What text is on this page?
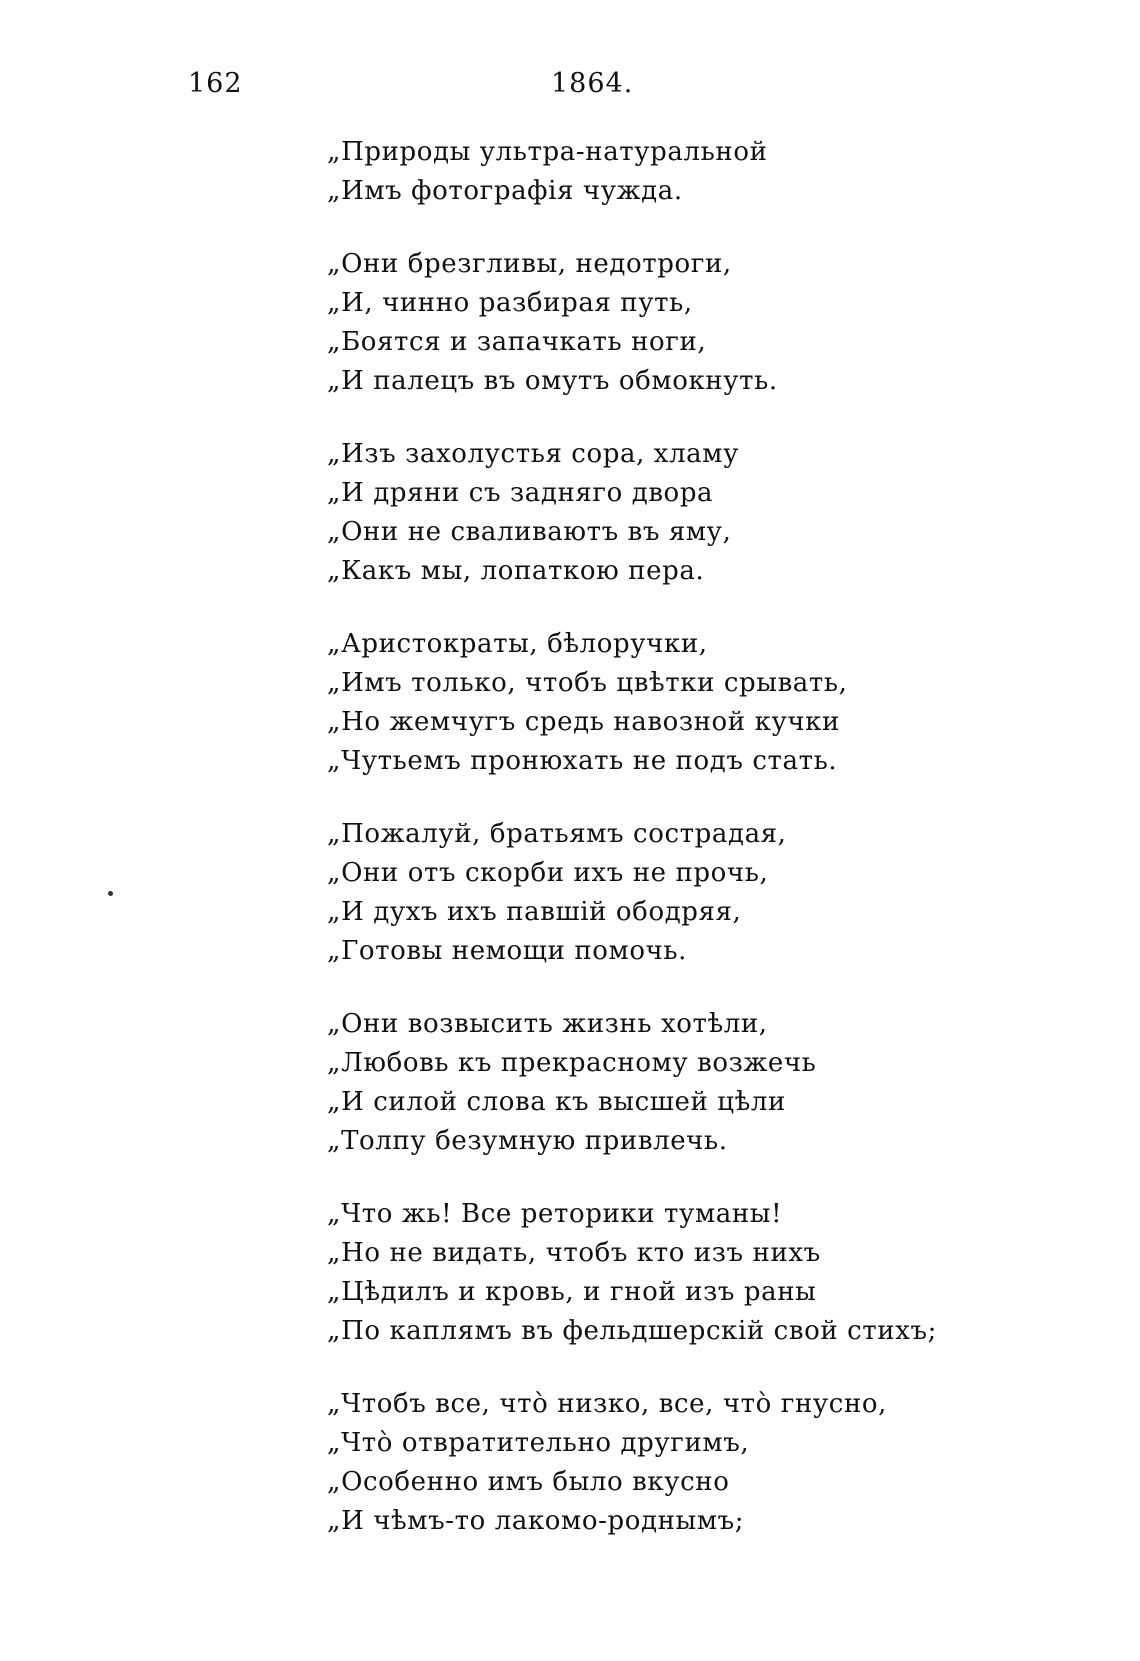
162	1864.
„Природы ультра-натуральной
„Имъ фотографія чужда.
„Они брезгливы, недотроги,
„И, чинно разбирая путь,
„Боятся и запачкать ноги,
„И палецъ въ омутъ обмокнуть.
„Изъ захолустья сора, хламу
„И дряни съ задняго двора
„Они не сваливаютъ въ яму,
„Какъ мы, лопаткою пера.
„Аристократы, бѣлоручки,
„Имъ только, чтобъ цвѣтки срывать,
„Но жемчугъ средь навозной кучки
„Чутьемъ пронюхать не подъ стать.
„Пожалуй, братьямъ сострадая,
„Они отъ скорби ихъ не прочь,
„И духъ ихъ павшій ободряя,
„Готовы немощи помочь.
„Они возвысить жизнь хотѣли,
„Любовь къ прекрасному возжечь
„И силой слова къ высшей цѣли
„Толпу безумную привлечь.
„Что жь! Все реторики туманы!
„Но не видать, чтобъ кто изъ нихъ
„Цѣдилъ и кровь, и гной изъ раны
„По каплямъ въ фельдшерскій свой стихъ;
„Чтобъ все, что̀ низко, все, что̀ гнусно,
„Что̀ отвратительно другимъ,
„Особенно имъ было вкусно
„И чѣмъ-то лакомо-роднымъ;
